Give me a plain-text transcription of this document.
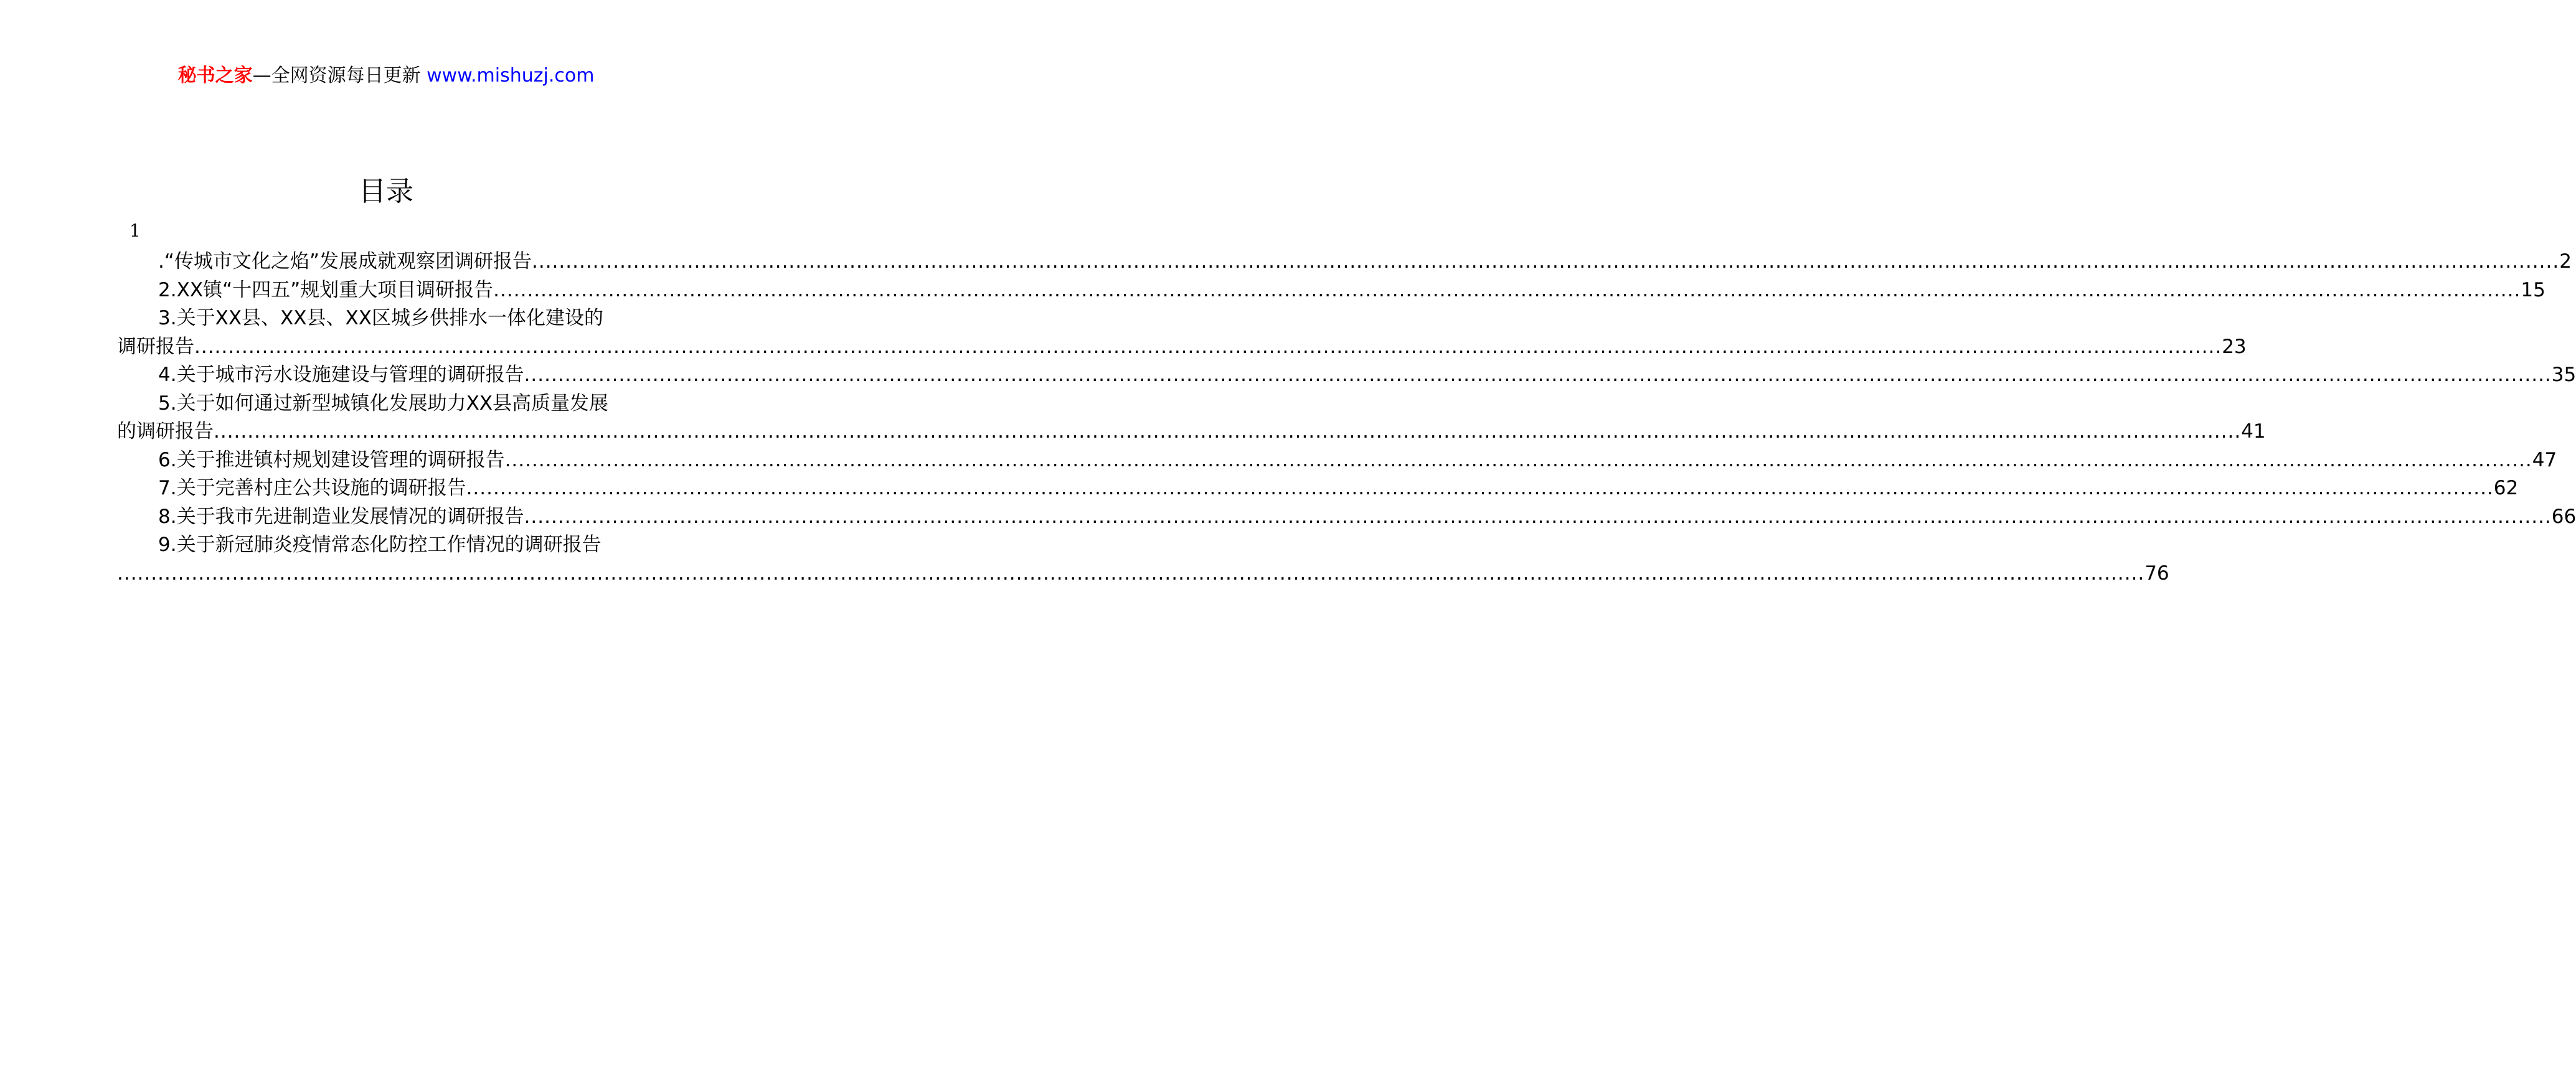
秘书之家—全网资源每日更新 www.mishuzj.com
目录
1
.“传城市文化之焰”发展成就观察团调研报告 ............................................................................................................................................................................................................................................................................................................ 2
2.XX镇“十四五”规划重大项目调研报告 ............................................................................................................................................................................................................................................................................................................ 15
3.关于XX县、XX县、XX区城乡供排水一体化建设的
调研报告 ............................................................................................................................................................................................................................................................................................................ 23
4.关于城市污水设施建设与管理的调研报告 ............................................................................................................................................................................................................................................................................................................ 35
5.关于如何通过新型城镇化发展助力XX县高质量发展
的调研报告 ............................................................................................................................................................................................................................................................................................................ 41
6.关于推进镇村规划建设管理的调研报告 ............................................................................................................................................................................................................................................................................................................ 47
7.关于完善村庄公共设施的调研报告 ............................................................................................................................................................................................................................................................................................................ 62
8.关于我市先进制造业发展情况的调研报告 ............................................................................................................................................................................................................................................................................................................ 66
9.关于新冠肺炎疫情常态化防控工作情况的调研报告
............................................................................................................................................................................................................................................................................................................ 76
